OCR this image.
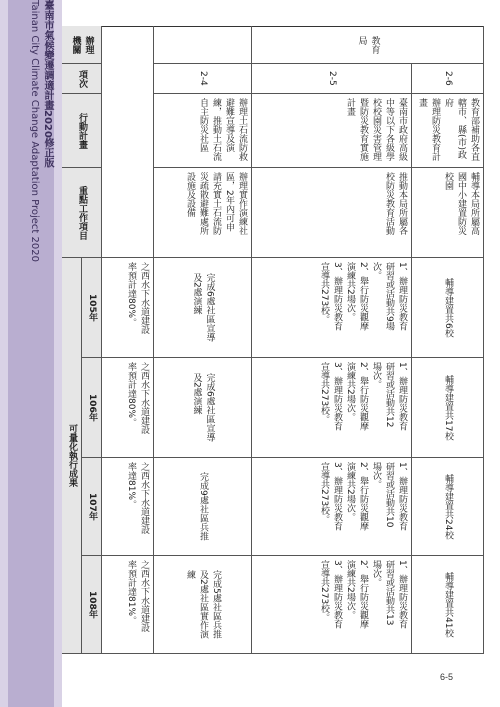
臺南市氣候變遷調適計畫2020修正版
Tainan City Climate Change Adaptation Project 2020	辦理
機關
項次
行動計畫
重點工作項目
可量化執行成果
105年
106年
107年
108年
之西水下水道建設
率預計達80%。
之西水下水道建設
率預計達80%。
之西水下水道建設
率達81%。
之西水下水道建設
率預計達81%。
2-4
辦理土石流防救
避難宣導及演
練，推動土石流
自主防災社區
辦理實作演練社
區，2年內可申
請充實土石流防
災疏散避難處所
設施及設備
完成6處社區宣導
及2處演練
完成6處社區宣導
及2處演練
完成9處社區兵推
完成5處社區兵推
及2處社區實作演
練
教育
局
2-5
臺南市政府高級
中等以下各級學
校校園災害管理
暨防災教育實施
計畫
推動本局所屬各
校防災教育活動
1、辦理防災教育
研習或活動共9場
次。
2、舉行防災觀摩
演練共2場次。
3、辦理防災教育
宣導共273校。
1、辦理防災教育
研習或活動共12
場次。
2、舉行防災觀摩
演練共2場次。
3、辦理防災教育
宣導共273校。
1、辦理防災教育
研習或活動共10
場次。
2、舉行防災觀摩
演練共2場次。
3、辦理防災教育
宣導共273校。
1、辦理防災教育
研習或活動共13
場次。
2、舉行防災觀摩
演練共2場次。
3、辦理防災教育
宣導共273校。
2-6
教育部補助各直
轄市、縣(市)政府
辦理防災教育計
畫
輔導本局所屬高
國中小建置防災
校園
輔導建置共6校
輔導建置共17校
輔導建置共24校
輔導建置共41校
6-5
